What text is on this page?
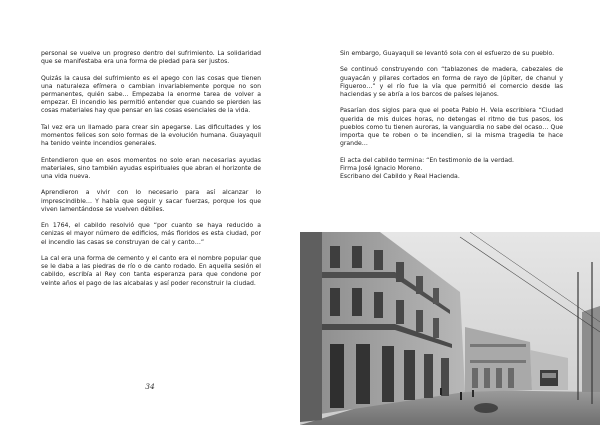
personal se vuelve un progreso dentro del sufrimiento. La solidaridad que se manifestaba era una forma de piedad para ser justos.

Quizás la causa del sufrimiento es el apego con las cosas que tienen una naturaleza efímera o cambian invariablemente porque no son permanentes, quién sabe… Empezaba la enorme tarea de volver a empezar. El incendio les permitió entender que cuando se pierden las cosas materiales hay que pensar en las cosas esenciales de la vida.

Tal vez era un llamado para crear sin apegarse. Las dificultades y los momentos felices son solo formas de la evolución humana. Guayaquil ha tenido veinte incendios generales.

Entendieron que en esos momentos no solo eran necesarias ayudas materiales, sino también ayudas espirituales que abran el horizonte de una vida nueva.

Aprendieron a vivir con lo necesario para así alcanzar lo imprescindible… Y había que seguir y sacar fuerzas, porque los que viven lamentándose se vuelven débiles.

En 1764, el cabildo resolvió que “por cuanto se haya reducido a cenizas el mayor número de edificios, más floridos es esta ciudad, por el incendio las casas se construyan de cal y canto…”

La cal era una forma de cemento y el canto era el nombre popular que se le daba a las piedras de río o de canto rodado. En aquella sesión el cabildo, escribía al Rey con tanta esperanza para que condone por veinte años el pago de las alcabalas y así poder reconstruir la ciudad.

34

Sin embargo, Guayaquil se levantó sola con el esfuerzo de su pueblo.

Se continuó construyendo con “tablazones de madera, cabezales de guayacán y pilares cortados en forma de rayo de Júpiter, de chanul y Figueroo…” y el río fue la vía que permitió el comercio desde las haciendas y se abría a los barcos de países lejanos.

Pasarían dos siglos para que el poeta Pablo H. Vela escribiera “Ciudad querida de mis dulces horas, no detengas el ritmo de tus pasos, los pueblos como tu tienen auroras, la vanguardia no sabe del ocaso… Que importa que te roben o te incendien, si la misma tragedia te hace grande…

El acta del cabildo termina: “En testimonio de la verdad.
Firma José Ignacio Moreno.
Escribano del Cabildo y Real Hacienda.
